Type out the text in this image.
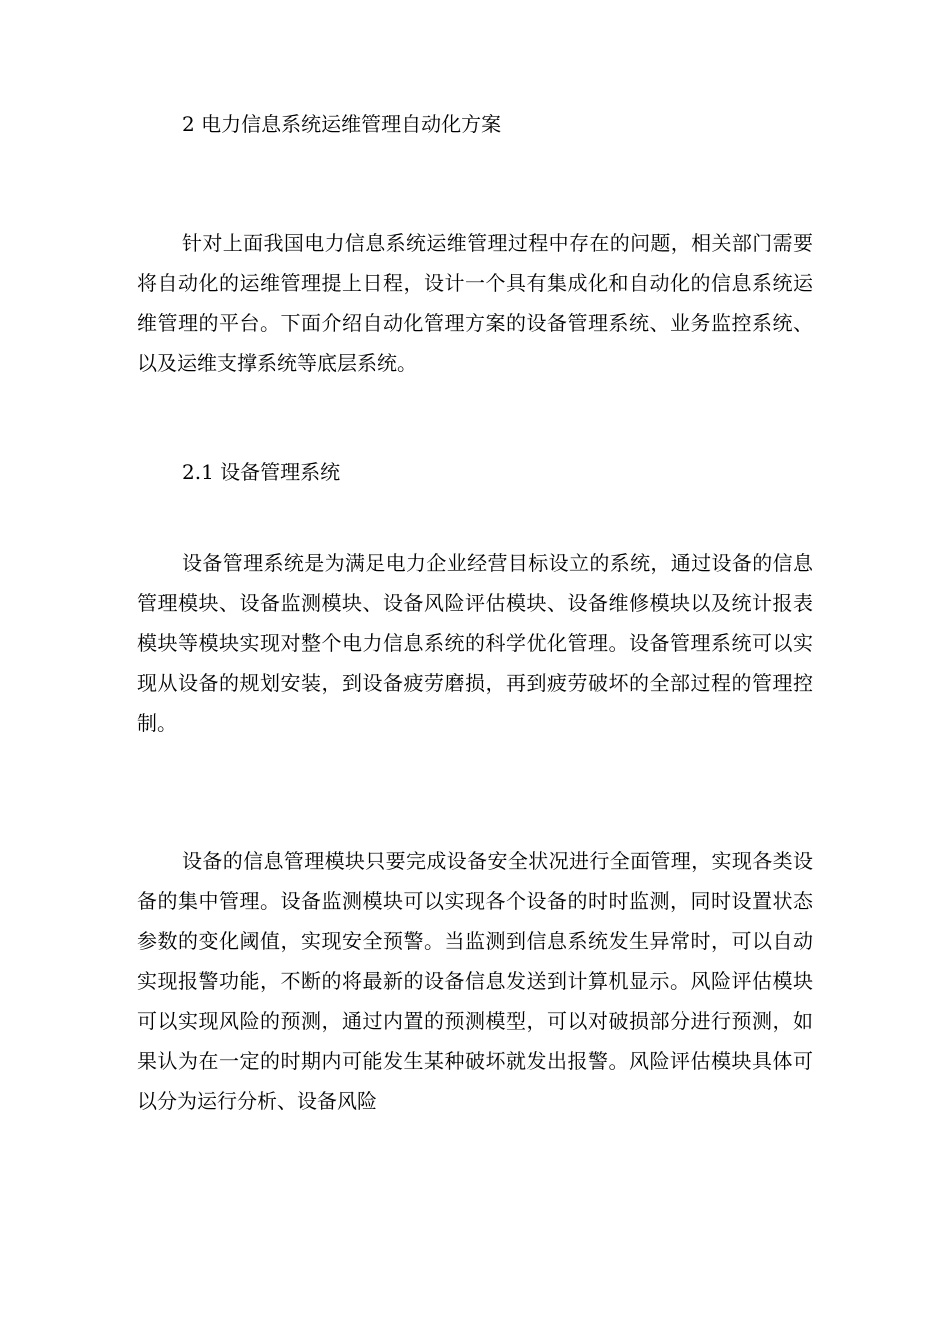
2 电力信息系统运维管理自动化方案

针对上面我国电力信息系统运维管理过程中存在的问题，相关部门需要将自动化的运维管理提上日程，设计一个具有集成化和自动化的信息系统运维管理的平台。下面介绍自动化管理方案的设备管理系统、业务监控系统、以及运维支撑系统等底层系统。

2.1 设备管理系统

设备管理系统是为满足电力企业经营目标设立的系统，通过设备的信息管理模块、设备监测模块、设备风险评估模块、设备维修模块以及统计报表模块等模块实现对整个电力信息系统的科学优化管理。设备管理系统可以实现从设备的规划安装，到设备疲劳磨损，再到疲劳破坏的全部过程的管理控制。

设备的信息管理模块只要完成设备安全状况进行全面管理，实现各类设备的集中管理。设备监测模块可以实现各个设备的时时监测，同时设置状态参数的变化阈值，实现安全预警。当监测到信息系统发生异常时，可以自动实现报警功能，不断的将最新的设备信息发送到计算机显示。风险评估模块可以实现风险的预测，通过内置的预测模型，可以对破损部分进行预测，如果认为在一定的时期内可能发生某种破坏就发出报警。风险评估模块具体可以分为运行分析、设备风险
